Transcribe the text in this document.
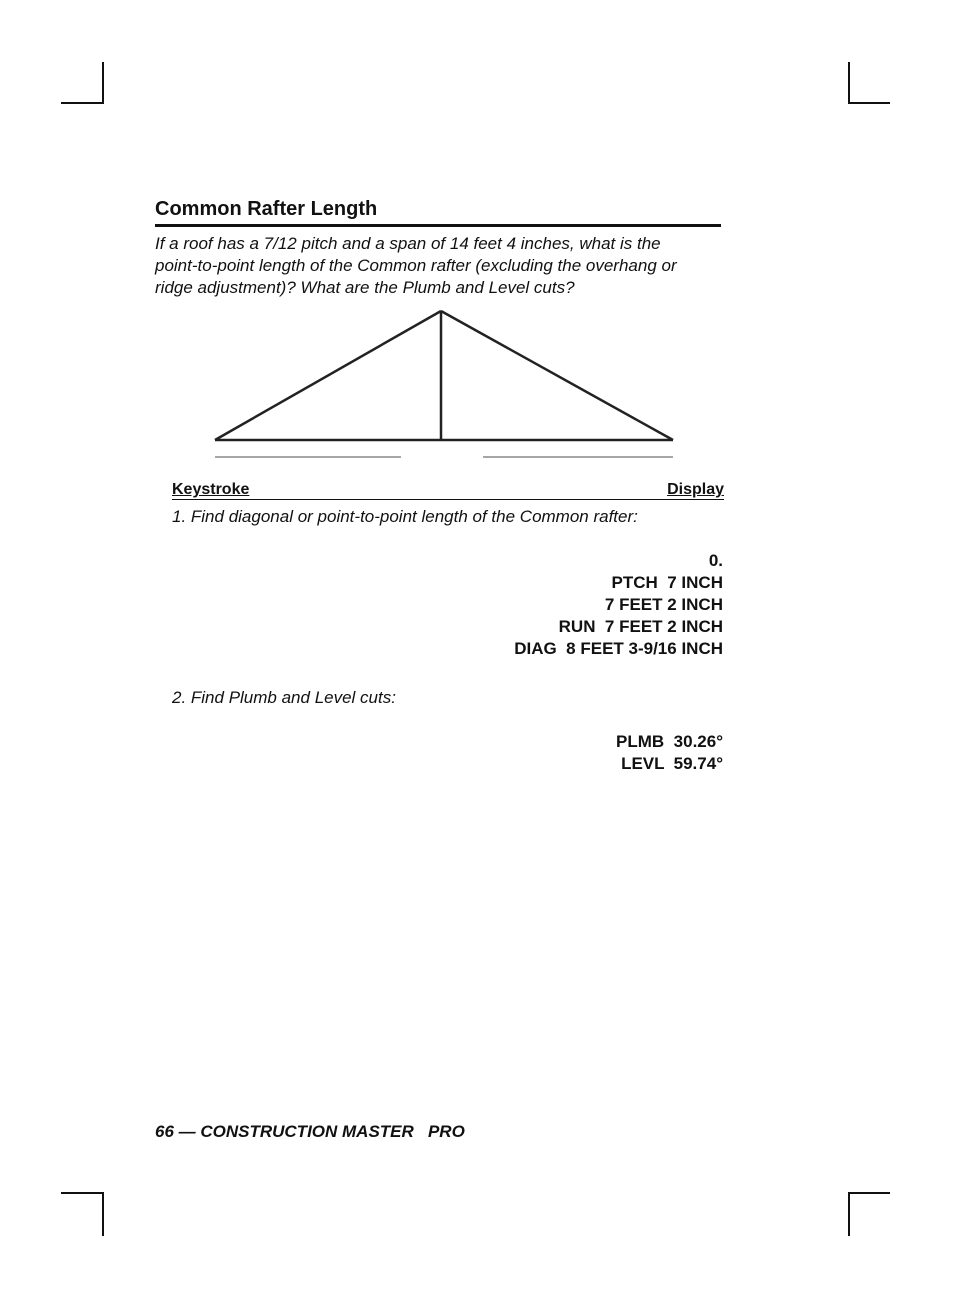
Common Rafter Length
If a roof has a 7/12 pitch and a span of 14 feet 4 inches, what is the
point-to-point length of the Common rafter (excluding the overhang or
ridge adjustment)? What are the Plumb and Level cuts?
Keystroke	Display
1. Find diagonal or point-to-point length of the Common rafter:
0.
PTCH  7 INCH
7 FEET 2 INCH
RUN  7 FEET 2 INCH
DIAG  8 FEET 3-9/16 INCH
2. Find Plumb and Level cuts:
PLMB  30.26°
LEVL  59.74°
66 — CONSTRUCTION MASTER   PRO
